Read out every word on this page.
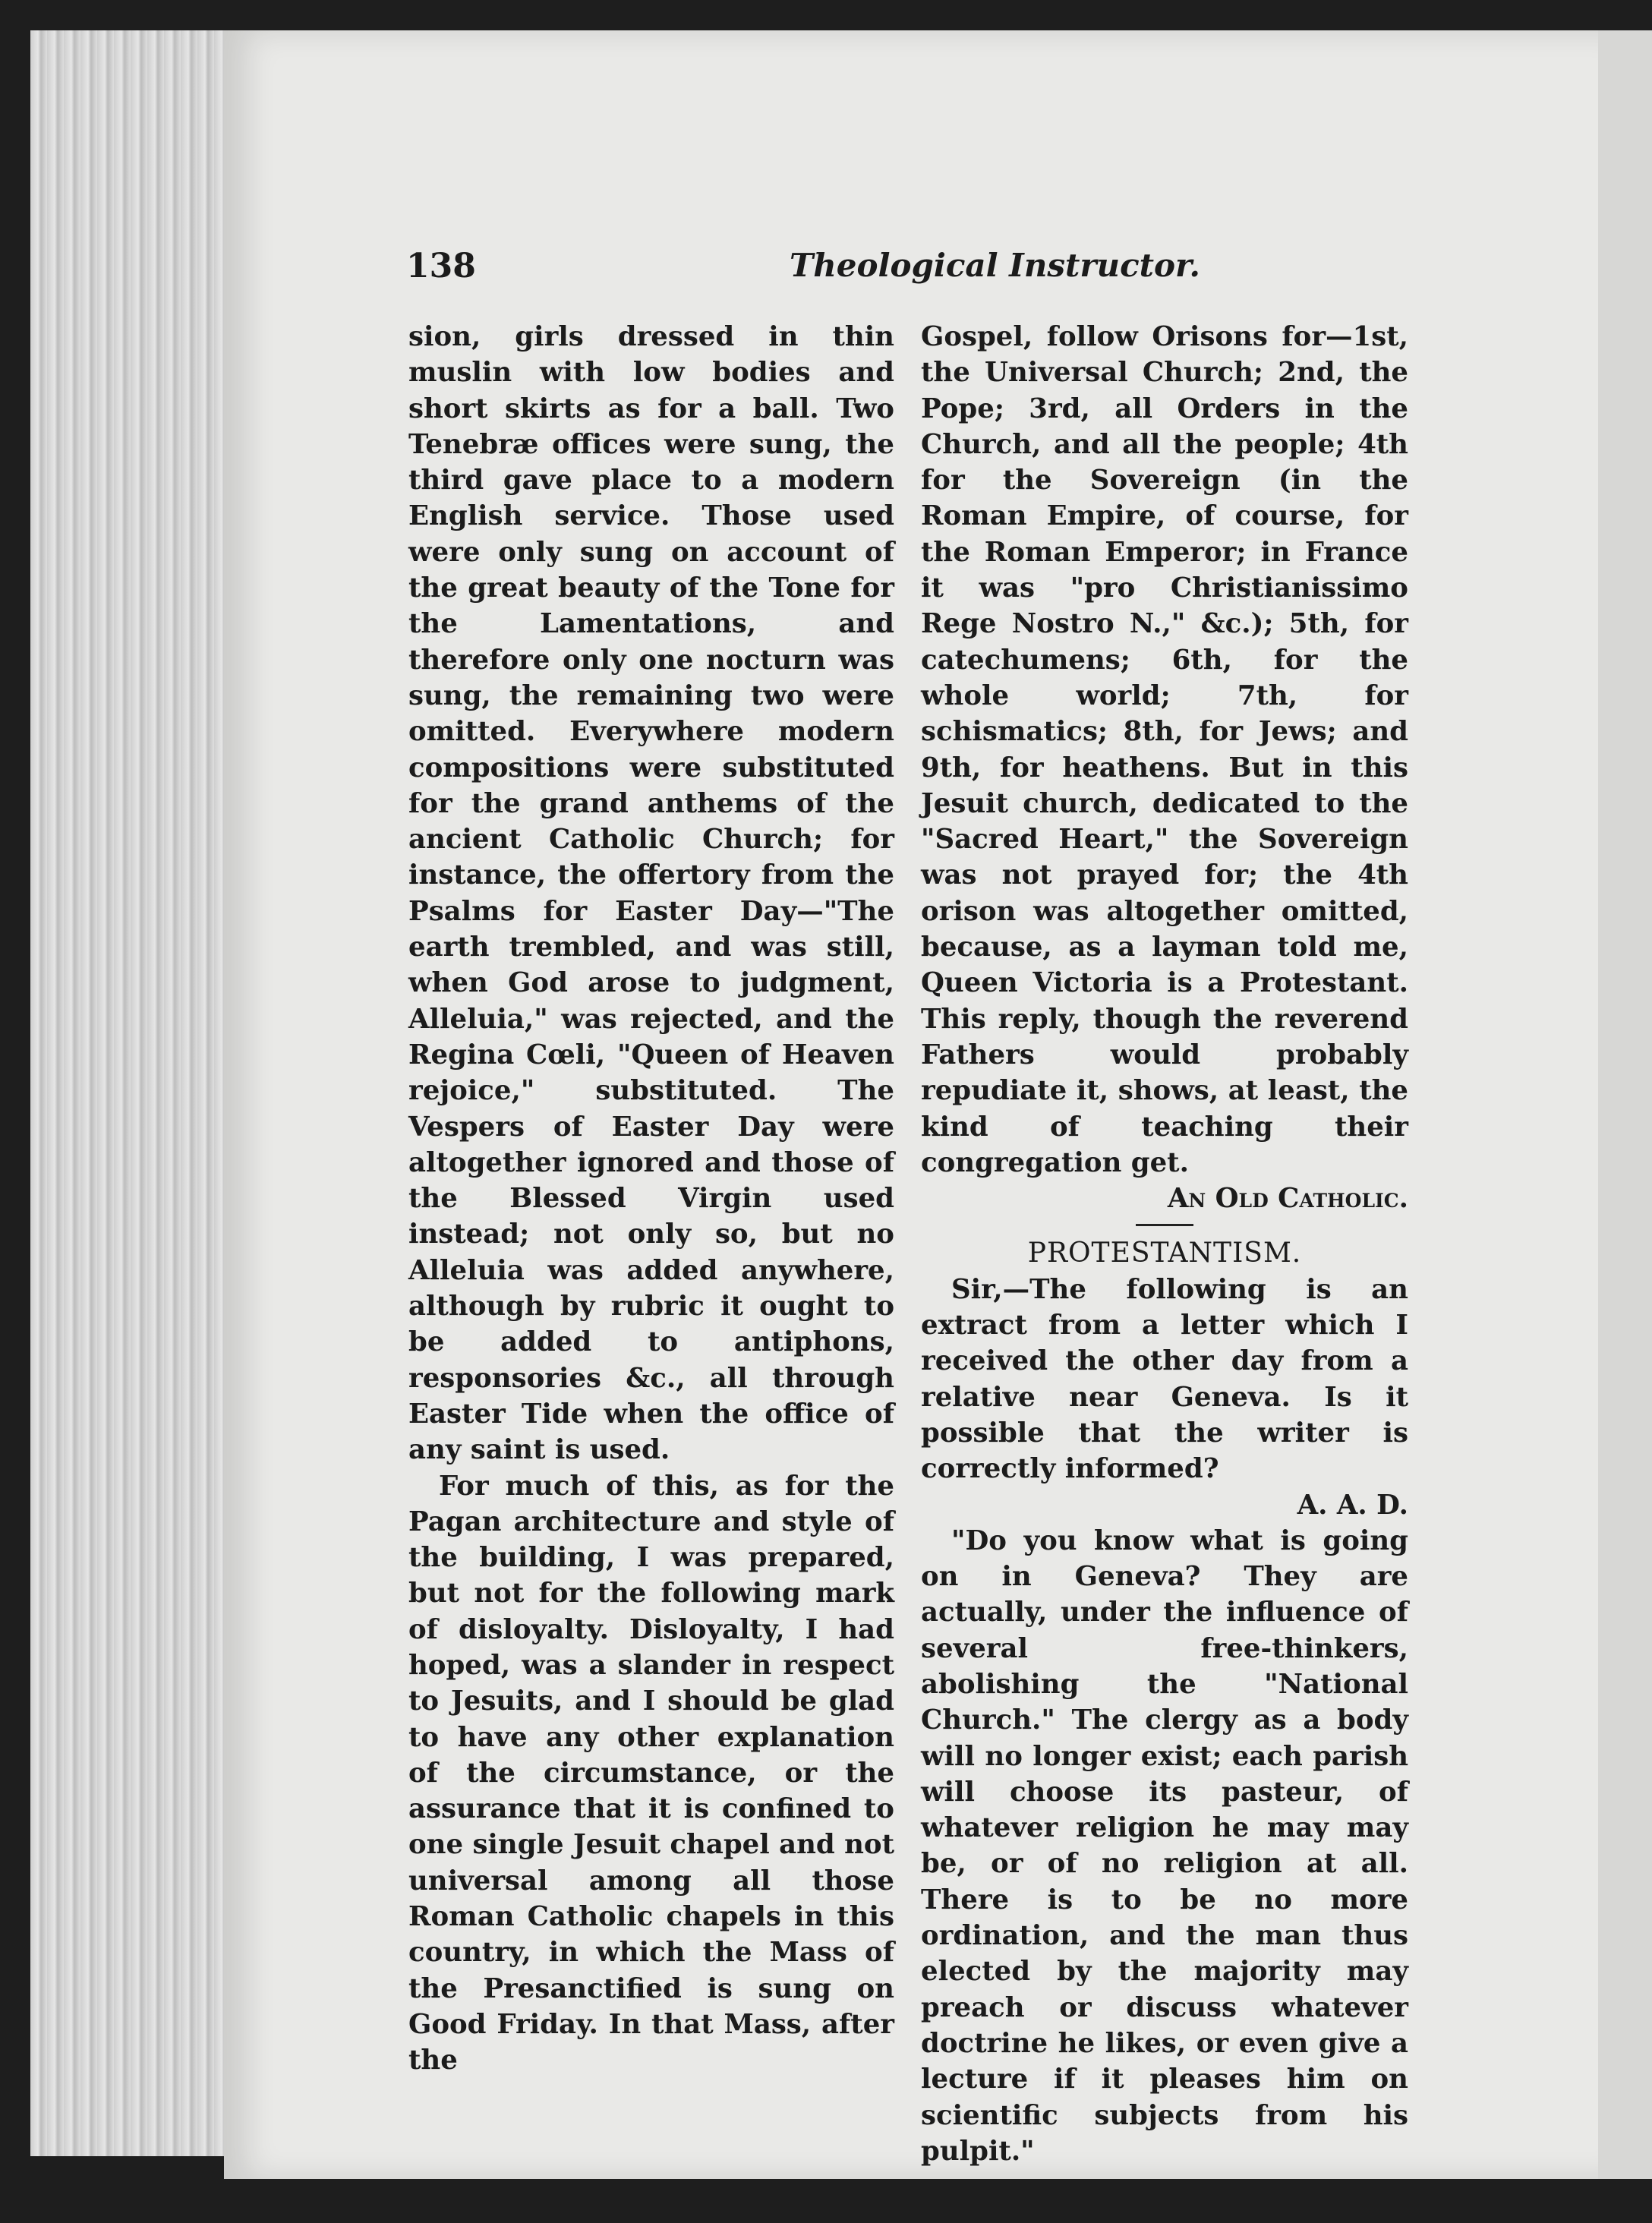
138	Theological Instructor.

sion, girls dressed in thin muslin with low bodies and short skirts as for a ball. Two Tenebræ offices were sung, the third gave place to a modern English service. Those used were only sung on account of the great beauty of the Tone for the Lamentations, and therefore only one nocturn was sung, the remaining two were omitted. Everywhere modern compositions were substituted for the grand anthems of the ancient Catholic Church; for instance, the offertory from the Psalms for Easter Day—"The earth trembled, and was still, when God arose to judgment, Alleluia," was rejected, and the Regina Cœli, "Queen of Heaven rejoice," substituted. The Vespers of Easter Day were altogether ignored and those of the Blessed Virgin used instead; not only so, but no Alleluia was added anywhere, although by rubric it ought to be added to antiphons, responsories &c., all through Easter Tide when the office of any saint is used.

For much of this, as for the Pagan architecture and style of the building, I was prepared, but not for the following mark of disloyalty. Disloyalty, I had hoped, was a slander in respect to Jesuits, and I should be glad to have any other explanation of the circumstance, or the assurance that it is confined to one single Jesuit chapel and not universal among all those Roman Catholic chapels in this country, in which the Mass of the Presanctified is sung on Good Friday. In that Mass, after the

Gospel, follow Orisons for—1st, the Universal Church; 2nd, the Pope; 3rd, all Orders in the Church, and all the people; 4th for the Sovereign (in the Roman Empire, of course, for the Roman Emperor; in France it was "pro Christianissimo Rege Nostro N.," &c.); 5th, for catechumens; 6th, for the whole world; 7th, for schismatics; 8th, for Jews; and 9th, for heathens. But in this Jesuit church, dedicated to the "Sacred Heart," the Sovereign was not prayed for; the 4th orison was altogether omitted, because, as a layman told me, Queen Victoria is a Protestant. This reply, though the reverend Fathers would probably repudiate it, shows, at least, the kind of teaching their congregation get.

An Old Catholic.

PROTESTANTISM.

Sir,—The following is an extract from a letter which I received the other day from a relative near Geneva. Is it possible that the writer is correctly informed?

A. A. D.

"Do you know what is going on in Geneva? They are actually, under the influence of several free-thinkers, abolishing the "National Church." The clergy as a body will no longer exist; each parish will choose its pasteur, of whatever religion he may may be, or of no religion at all. There is to be no more ordination, and the man thus elected by the majority may preach or discuss whatever doctrine he likes, or even give a lecture if it pleases him on scientific subjects from his pulpit."
